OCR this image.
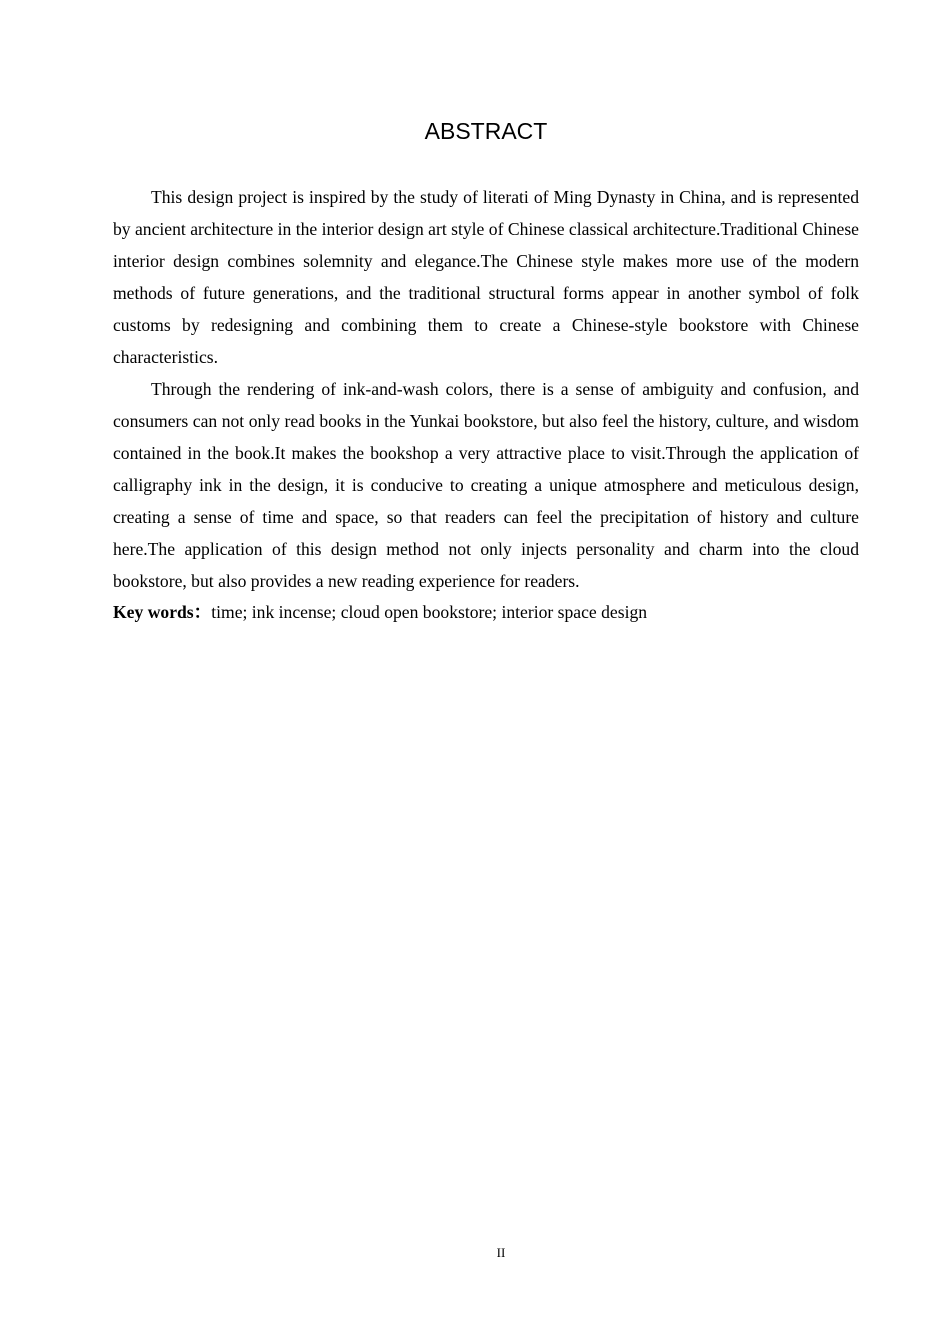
ABSTRACT

This design project is inspired by the study of literati of Ming Dynasty in China, and is represented by ancient architecture in the interior design art style of Chinese classical architecture.Traditional Chinese interior design combines solemnity and elegance.The Chinese style makes more use of the modern methods of future generations, and the traditional structural forms appear in another symbol of folk customs by redesigning and combining them to create a Chinese-style bookstore with Chinese characteristics.

Through the rendering of ink-and-wash colors, there is a sense of ambiguity and confusion, and consumers can not only read books in the Yunkai bookstore, but also feel the history, culture, and wisdom contained in the book.It makes the bookshop a very attractive place to visit.Through the application of calligraphy ink in the design, it is conducive to creating a unique atmosphere and meticulous design, creating a sense of time and space, so that readers can feel the precipitation of history and culture here.The application of this design method not only injects personality and charm into the cloud bookstore, but also provides a new reading experience for readers.

Key words：time; ink incense; cloud open bookstore; interior space design

II
